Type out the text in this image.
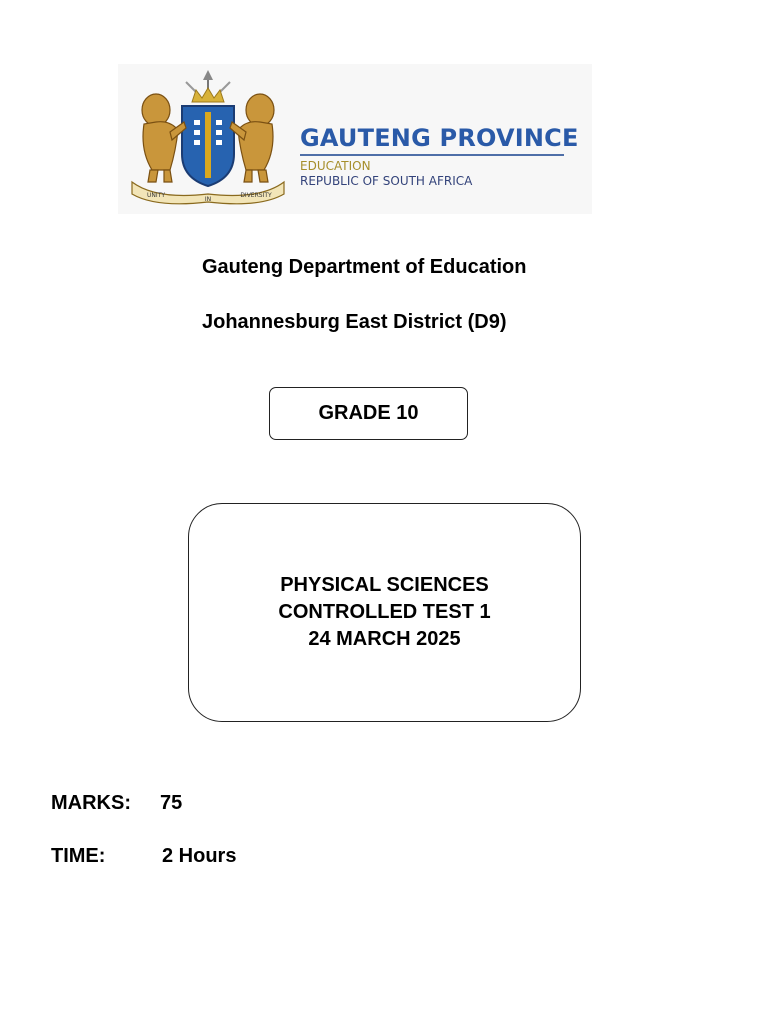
UNITY
IN
DIVERSITY
GAUTENG PROVINCE
EDUCATION
REPUBLIC OF SOUTH AFRICA
Gauteng Department of Education
Johannesburg East District (D9)
GRADE 10
PHYSICAL SCIENCES
CONTROLLED TEST 1
24 MARCH 2025
MARKS: 75
TIME:	2 Hours
